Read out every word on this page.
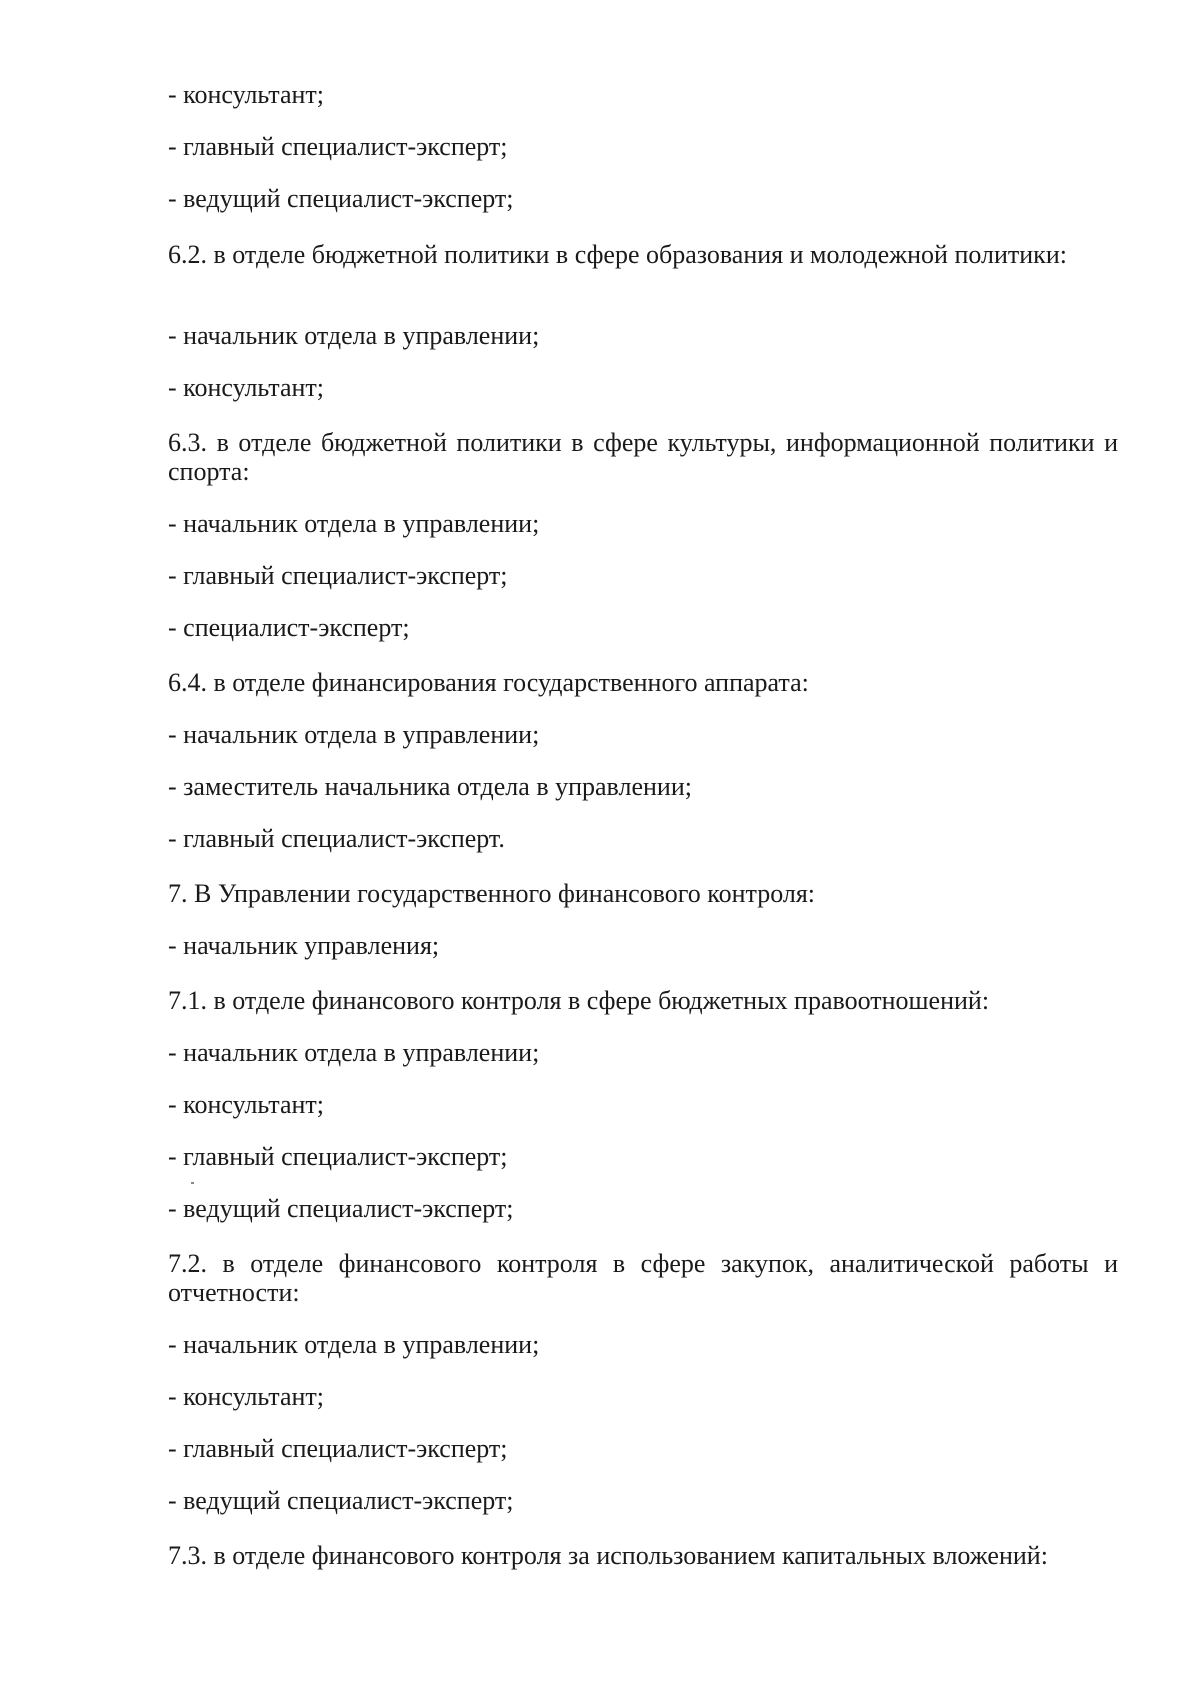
- консультант;
- главный специалист-эксперт;
- ведущий специалист-эксперт;
6.2. в отделе бюджетной политики в сфере образования и молодежной политики:
- начальник отдела в управлении;
- консультант;
6.3. в отделе бюджетной политики в сфере культуры, информационной политики и спорта:
- начальник отдела в управлении;
- главный специалист-эксперт;
- специалист-эксперт;
6.4. в отделе финансирования государственного аппарата:
- начальник отдела в управлении;
- заместитель начальника отдела в управлении;
- главный специалист-эксперт.
7. В Управлении государственного финансового контроля:
- начальник управления;
7.1. в отделе финансового контроля в сфере бюджетных правоотношений:
- начальник отдела в управлении;
- консультант;
- главный специалист-эксперт;
- ведущий специалист-эксперт;
7.2. в отделе финансового контроля в сфере закупок, аналитической работы и отчетности:
- начальник отдела в управлении;
- консультант;
- главный специалист-эксперт;
- ведущий специалист-эксперт;
7.3. в отделе финансового контроля за использованием капитальных вложений:
